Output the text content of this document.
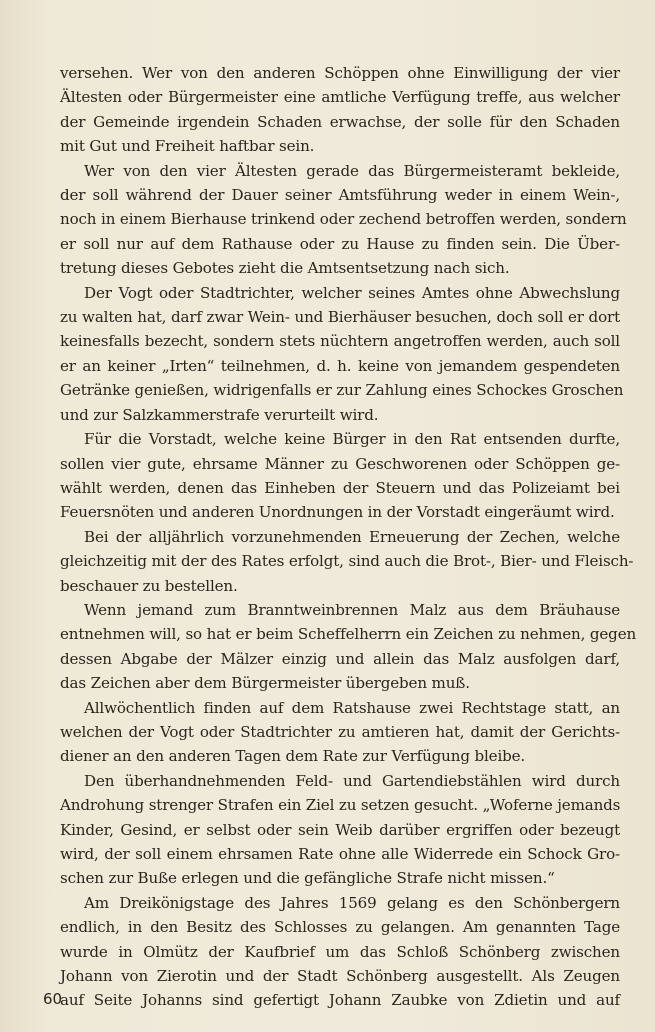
versehen. Wer von den anderen Schöppen ohne Einwilligung der vier
Ältesten oder Bürgermeister eine amtliche Verfügung treffe, aus welcher
der Gemeinde irgendein Schaden erwachse, der solle für den Schaden
mit Gut und Freiheit haftbar sein.
Wer von den vier Ältesten gerade das Bürgermeisteramt bekleide,
der soll während der Dauer seiner Amtsführung weder in einem Wein-,
noch in einem Bierhause trinkend oder zechend betroffen werden, sondern
er soll nur auf dem Rathause oder zu Hause zu finden sein. Die Über-
tretung dieses Gebotes zieht die Amtsentsetzung nach sich.
Der Vogt oder Stadtrichter, welcher seines Amtes ohne Abwechslung
zu walten hat, darf zwar Wein- und Bierhäuser besuchen, doch soll er dort
keinesfalls bezecht, sondern stets nüchtern angetroffen werden, auch soll
er an keiner „Irten“ teilnehmen, d. h. keine von jemandem gespendeten
Getränke genießen, widrigenfalls er zur Zahlung eines Schockes Groschen
und zur Salzkammerstrafe verurteilt wird.
Für die Vorstadt, welche keine Bürger in den Rat entsenden durfte,
sollen vier gute, ehrsame Männer zu Geschworenen oder Schöppen ge-
wählt werden, denen das Einheben der Steuern und das Polizeiamt bei
Feuersnöten und anderen Unordnungen in der Vorstadt eingeräumt wird.
Bei der alljährlich vorzunehmenden Erneuerung der Zechen, welche
gleichzeitig mit der des Rates erfolgt, sind auch die Brot-, Bier- und Fleisch-
beschauer zu bestellen.
Wenn jemand zum Branntweinbrennen Malz aus dem Bräuhause
entnehmen will, so hat er beim Scheffelherrn ein Zeichen zu nehmen, gegen
dessen Abgabe der Mälzer einzig und allein das Malz ausfolgen darf,
das Zeichen aber dem Bürgermeister übergeben muß.
Allwöchentlich finden auf dem Ratshause zwei Rechtstage statt, an
welchen der Vogt oder Stadtrichter zu amtieren hat, damit der Gerichts-
diener an den anderen Tagen dem Rate zur Verfügung bleibe.
Den überhandnehmenden Feld- und Gartendiebstählen wird durch
Androhung strenger Strafen ein Ziel zu setzen gesucht. „Woferne jemands
Kinder, Gesind, er selbst oder sein Weib darüber ergriffen oder bezeugt
wird, der soll einem ehrsamen Rate ohne alle Widerrede ein Schock Gro-
schen zur Buße erlegen und die gefängliche Strafe nicht missen.“
Am Dreikönigstage des Jahres 1569 gelang es den Schönbergern
endlich, in den Besitz des Schlosses zu gelangen. Am genannten Tage
wurde in Olmütz der Kaufbrief um das Schloß Schönberg zwischen
Johann von Zierotin und der Stadt Schönberg ausgestellt. Als Zeugen
auf Seite Johanns sind gefertigt Johann Zaubke von Zdietin und auf
60
